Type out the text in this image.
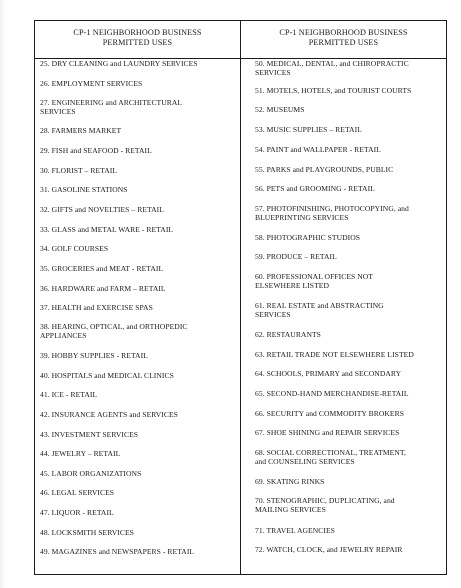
CP-1 NEIGHBORHOOD BUSINESS
PERMITTED USES
25. DRY CLEANING and LAUNDRY SERVICES
26. EMPLOYMENT SERVICES
27. ENGINEERING and ARCHITECTURAL
SERVICES
28. FARMERS MARKET
29. FISH and SEAFOOD - RETAIL
30. FLORIST – RETAIL
31. GASOLINE STATIONS
32. GIFTS and NOVELTIES – RETAIL
33. GLASS and METAL WARE - RETAIL
34. GOLF COURSES
35. GROCERIES and MEAT - RETAIL
36. HARDWARE and FARM – RETAIL
37. HEALTH and EXERCISE SPAS
38. HEARING, OPTICAL, and ORTHOPEDIC
APPLIANCES
39. HOBBY SUPPLIES - RETAIL
40. HOSPITALS and MEDICAL CLINICS
41. ICE - RETAIL
42. INSURANCE AGENTS and SERVICES
43. INVESTMENT SERVICES
44. JEWELRY – RETAIL
45. LABOR ORGANIZATIONS
46. LEGAL SERVICES
47. LIQUOR - RETAIL
48. LOCKSMITH SERVICES
49. MAGAZINES and NEWSPAPERS - RETAIL
CP-1 NEIGHBORHOOD BUSINESS
PERMITTED USES
50. MEDICAL, DENTAL, and CHIROPRACTIC
SERVICES
51. MOTELS, HOTELS, and TOURIST COURTS
52. MUSEUMS
53. MUSIC SUPPLIES – RETAIL
54. PAINT and WALLPAPER - RETAIL
55. PARKS and PLAYGROUNDS, PUBLIC
56. PETS and GROOMING - RETAIL
57. PHOTOFINISHING, PHOTOCOPYING, and
BLUEPRINTING SERVICES
58. PHOTOGRAPHIC STUDIOS
59. PRODUCE – RETAIL
60. PROFESSIONAL OFFICES NOT
ELSEWHERE LISTED
61. REAL ESTATE and ABSTRACTING
SERVICES
62. RESTAURANTS
63. RETAIL TRADE NOT ELSEWHERE LISTED
64. SCHOOLS, PRIMARY and SECONDARY
65. SECOND-HAND MERCHANDISE-RETAIL
66. SECURITY and COMMODITY BROKERS
67. SHOE SHINING and REPAIR SERVICES
68. SOCIAL CORRECTIONAL, TREATMENT,
and COUNSELING SERVICES
69. SKATING RINKS
70. STENOGRAPHIC, DUPLICATING, and
MAILING SERVICES
71. TRAVEL AGENCIES
72. WATCH, CLOCK, and JEWELRY REPAIR
